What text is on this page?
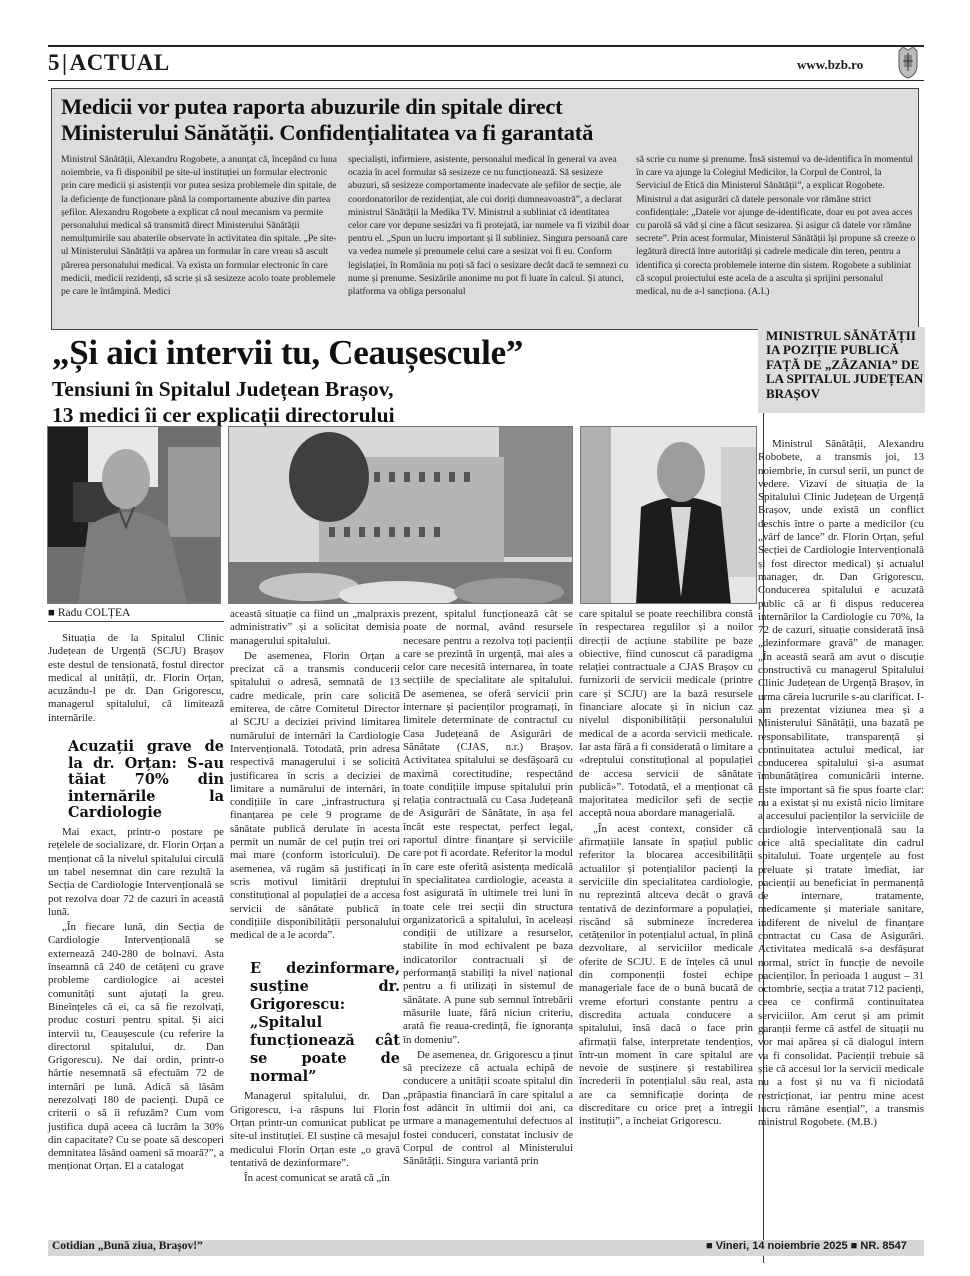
5|ACTUAL	www.bzb.ro
Medicii vor putea raporta abuzurile din spitale direct
Ministerului Sănătății. Confidențialitatea va fi garantată
Ministrul Sănătății, Alexandru Rogobete, a anunțat că, începând cu luna noiembrie, va fi disponibil pe site-ul instituției un formular electronic prin care medicii și asistenții vor putea sesiza problemele din spitale, de la deficiențe de funcționare până la comportamente abuzive din partea șefilor. Alexandru Rogobete a explicat că noul mecanism va permite personalului medical să transmită direct Ministerului Sănătății nemulțumirile sau abaterile observate în activitatea din spitale. „Pe site-ul Ministerului Sănătății va apărea un formular în care vreau să ascult părerea personalului medical. Va exista un formular electronic în care medicii, medicii rezidenți, să scrie și să sesizeze acolo toate problemele pe care le întâmpină. Medici
specialiști, infirmiere, asistente, personalul medical în general va avea ocazia în acel formular să sesizeze ce nu funcționează. Să sesizeze abuzuri, să sesizeze comportamente inadecvate ale șefilor de secție, ale coordonatorilor de rezidențiat, ale cui doriți dumneavoastră”, a declarat ministrul Sănătății la Medika TV. Ministrul a subliniat că identitatea celor care vor depune sesizări va fi protejată, iar numele va fi vizibil doar pentru el. „Spun un lucru important și îl subliniez. Singura persoană care va vedea numele și prenumele celui care a sesizat voi fi eu. Conform legislației, în România nu poți să faci o sesizare decât dacă te semnezi cu nume și prenume. Sesizările anonime nu pot fi luate în calcul. Și atunci, platforma va obliga personalul
să scrie cu nume și prenume. Însă sistemul va de-identifica în momentul în care va ajunge la Colegiul Medicilor, la Corpul de Control, la Serviciul de Etică din Ministerul Sănătății”, a explicat Rogobete. Ministrul a dat asigurări că datele personale vor rămâne strict confidențiale: „Datele vor ajunge de-identificate, doar eu pot avea acces cu parolă să văd și cine a făcut sesizarea. Și asigur că datele vor rămâne secrete”. Prin acest formular, Ministerul Sănătății își propune să creeze o legătură directă între autorități și cadrele medicale din teren, pentru a identifica și corecta problemele interne din sistem. Rogobete a subliniat că scopul proiectului este acela de a asculta și sprijini personalul medical, nu de a-l sancționa. (A.I.)
„Și aici intervii tu, Ceaușescule”
Tensiuni în Spitalul Județean Brașov,
13 medici îi cer explicații directorului
■ Radu COLȚEA

Situația de la Spitalul Clinic Județean de Urgență (SCJU) Brașov este destul de tensionată, fostul director medical al unității, dr. Florin Orțan, acuzându-l pe dr. Dan Grigorescu, managerul spitalului, că limitează internările.

Acuzații grave de la dr. Orțan: S-au tăiat 70% din internările la Cardiologie

Mai exact, printr-o postare pe rețelele de socializare, dr. Florin Orțan a menționat că la nivelul spitalului circulă un tabel nesemnat din care rezultă la Secția de Cardiologie Intervențională se pot rezolva doar 72 de cazuri în această lună.

„În fiecare lună, din Secția de Cardiologie Intervențională se externează 240-280 de bolnavi. Asta înseamnă că 240 de cetățeni cu grave probleme cardiologice ai acestei comunități sunt ajutați la greu. Bineînțeles că ei, ca să fie rezolvați, produc costuri pentru spital. Și aici intervii tu, Ceaușescule (cu referire la directorul spitalului, dr. Dan Grigorescu). Ne dai ordin, printr-o hârtie nesemnată să efectuăm 72 de internări pe lună. Adică să lăsăm nerezolvați 180 de pacienți. După ce criterii o să îi refuzăm? Cum vom justifica după aceea că lucrăm la 30% din capacitate? Cu se poate să descoperi demnitatea lăsând oameni să moară?”, a menționat Orțan. El a catalogat

această situație ca fiind un „malpraxis administrativ” și a solicitat demisia managerului spitalului.

De asemenea, Florin Orțan a precizat că a transmis conducerii spitalului o adresă, semnată de 13 cadre medicale, prin care solicită emiterea, de către Comitetul Director al SCJU a deciziei privind limitarea numărului de internări la Cardiologie Intervențională. Totodată, prin adresa respectivă managerului i se solicită justificarea în scris a deciziei de limitare a numărului de internări, în condițiile în care „infrastructura și finanțarea pe cele 9 programe de sănătate publică derulate în acesta permit un număr de cel puțin trei ori mai mare (conform istoricului). De asemenea, vă rugăm să justificați în scris motivul limitării dreptului constituțional al populației de a accesa servicii de sănătate publică în condițiile disponibilității personalului medical de a le acorda”.

E dezinformare, susține dr. Grigorescu: „Spitalul funcționează cât se poate de normal”

Managerul spitalului, dr. Dan Grigorescu, i-a răspuns lui Florin Orțan printr-un comunicat publicat pe site-ul instituției. El susține că mesajul medicului Florin Orțan este „o gravă tentativă de dezinformare”.

În acest comunicat se arată că „în

prezent, spitalul funcționează cât se poate de normal, având resursele necesare pentru a rezolva toți pacienții care se prezintă în urgență, mai ales a celor care necesită internarea, în toate secțiile de specialitate ale spitalului. De asemenea, se oferă servicii prin internare și pacienților programați, în limitele determinate de contractul cu Casa Județeană de Asigurări de Sănătate (CJAS, n.r.) Brașov. Activitatea spitalului se desfășoară cu maximă corectitudine, respectând toate condițiile impuse spitalului prin relația contractuală cu Casa Județeană de Asigurări de Sănătate, în așa fel încât este respectat, perfect legal, raportul dintre finanțare și serviciile care pot fi acordate. Referitor la modul în care este oferită asistența medicală în specialitatea cardiologie, aceasta a fost asigurată în ultimele trei luni în toate cele trei secții din structura organizatorică a spitalului, în aceleași condiții de utilizare a resurselor, stabilite în mod echivalent pe baza indicatorilor contractuali și de performanță stabiliți la nivel național pentru a fi utilizați în sistemul de sănătate. A pune sub semnul întrebării măsurile luate, fără niciun criteriu, arată fie reaua-credință, fie ignoranța în domeniu”.

De asemenea, dr. Grigorescu a ținut să precizeze că actuala echipă de conducere a unității scoate spitalul din „prăpastia financiară în care spitalul a fost adâncit în ultimii doi ani, ca urmare a managementului defectuos al fostei conduceri, constatat inclusiv de Corpul de control al Ministerului Sănătății. Singura variantă prin

care spitalul se poate reechilibra constă în respectarea regulilor și a noilor direcții de acțiune stabilite pe baze obiective, fiind cunoscut că paradigma relației contractuale a CJAS Brașov cu furnizorii de servicii medicale (printre care și SCJU) are la bază resursele financiare alocate și în niciun caz nivelul disponibilității personalului medical de a acorda servicii medicale. Iar asta fără a fi considerată o limitare a «dreptului constituțional al populației de accesa servicii de sănătate publică»”. Totodată, el a menționat că majoritatea medicilor șefi de secție acceptă noua abordare managerială.

„În acest context, consider că afirmațiile lansate în spațiul public referitor la blocarea accesibilității actualilor și potențialilor pacienți la serviciile din specialitatea cardiologie, nu reprezintă altceva decât o gravă tentativă de dezinformare a populației, riscând să submineze încrederea cetățenilor în potențialul actual, în plină dezvoltare, al serviciilor medicale oferite de SCJU. E de înțeles că unul din componenții fostei echipe manageriale face de o bună bucată de vreme eforturi constante pentru a discredita actuala conducere a spitalului, însă dacă o face prin afirmații false, interpretate tendențios, într-un moment în care spitalul are nevoie de susținere și restabilirea încrederii în potențialul său real, asta are ca semnificație dorința de discreditare cu orice preț a întregii instituții”, a încheiat Grigorescu.

MINISTRUL SĂNĂTĂȚII IA POZIȚIE PUBLICĂ FAȚĂ DE „ZÂZANIA” DE LA SPITALUL JUDEȚEAN BRAȘOV

Ministrul Sănătății, Alexandru Robobete, a transmis joi, 13 noiembrie, în cursul serii, un punct de vedere. Vizavi de situația de la Spitalului Clinic Județean de Urgență Brașov, unde există un conflict deschis între o parte a medicilor (cu „vârf de lance” dr. Florin Orțan, șeful Secției de Cardiologie Intervențională și fost director medical) și actualul manager, dr. Dan Grigorescu. Conducerea spitalului e acuzată public că ar fi dispus reducerea internărilor la Cardiologie cu 70%, la 72 de cazuri, situație considerată însă „dezinformare gravă” de manager. „În această seară am avut o discuție constructivă cu managerul Spitalului Clinic Județean de Urgență Brașov, în urma căreia lucrurile s-au clarificat. I-am prezentat viziunea mea și a Ministerului Sănătății, una bazată pe responsabilitate, transparență și continuitatea actului medical, iar conducerea spitalului și-a asumat îmbunătățirea comunicării interne. Este important să fie spus foarte clar: nu a existat și nu există nicio limitare a accesului pacienților la serviciile de cardiologie intervențională sau la orice altă specialitate din cadrul spitalului. Toate urgențele au fost preluate și tratate imediat, iar pacienții au beneficiat în permanență de internare, tratamente, medicamente și materiale sanitare, indiferent de nivelul de finanțare contractat cu Casa de Asigurări. Activitatea medicală s-a desfășurat normal, strict în funcție de nevoile pacienților. În perioada 1 august – 31 octombrie, secția a tratat 712 pacienți, ceea ce confirmă continuitatea serviciilor. Am cerut și am primit garanții ferme că astfel de situații nu vor mai apărea și că dialogul intern va fi consolidat. Pacienții trebuie să știe că accesul lor la servicii medicale nu a fost și nu va fi niciodată restricționat, iar pentru mine acest lucru rămâne esențial”, a transmis ministrul Rogobete. (M.B.)

Cotidian „Bună ziua, Brașov!”	■ Vineri, 14 noiembrie 2025 ■ NR. 8547
